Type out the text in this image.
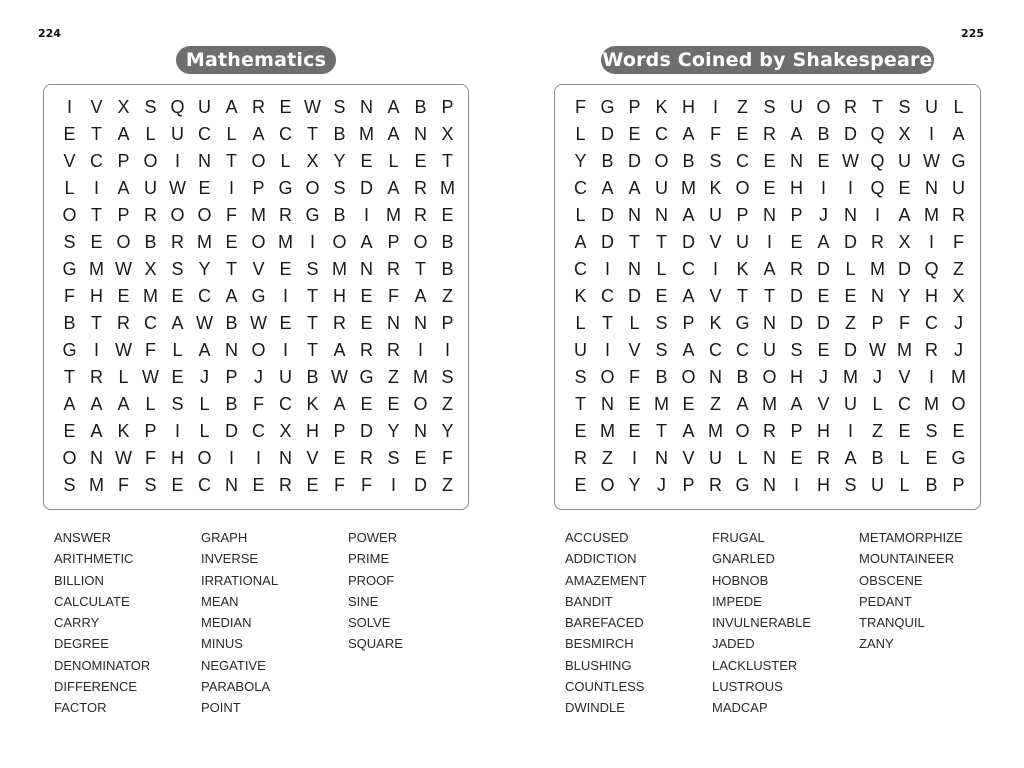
224
Mathematics
I	V X S Q U A R E W S N A B P
E T A L U C L A C T B M A N X
V C P O I	N T O L X Y E L E T
L	I	A U W E	I	P G O S D A R M
O T P R O O F M R G B	I M R E
S E O B R M E O M I O A P O B
G M W X S Y T V E S M N R T B
F H E M E C A G I	T H E F A Z
B T R C A W B W E T R E N N P
G I W F L A N O I	T A R R I	I
T R L W E J P J U B W G Z M S
A A A L S L B F C K A E E O Z
E A K P	I	L D C X H P D Y N Y
O N W F H O I	I	N V E R S E F
S M F S E C N E R E F F	I	D Z
ANSWER
ARITHMETIC
BILLION
CALCULATE
CARRY
DEGREE
DENOMINATOR
DIFFERENCE
FACTOR
GRAPH
INVERSE
IRRATIONAL
MEAN
MEDIAN
MINUS
NEGATIVE
PARABOLA
POINT
POWER
PRIME
PROOF
SINE
SOLVE
SQUARE
225
Words Coined by Shakespeare
F G P K H I	Z S U O R T S U L
L D E C A F E R A B D Q X	I	A
Y B D O B S C E N E W Q U W G
C A A U M K O E H I	I Q E N U
L D N N A U P N P J N I	A M R
A D T T D V U I	E A D R X	I	F
C I	N L C I	K A R D L M D Q Z
K C D E A V T T D E E N Y H X
L T L S P K G N D D Z P F C J
U I	V S A C C U S E D W M R J
S O F B O N B O H J M J V	I M
T N E M E Z A M A V U L C M O
E M E T A M O R P H I	Z E S E
R Z	I	N V U L N E R A B L E G
E O Y J P R G N I	H S U L B P
ACCUSED
ADDICTION
AMAZEMENT
BANDIT
BAREFACED
BESMIRCH
BLUSHING
COUNTLESS
DWINDLE
FRUGAL
GNARLED
HOBNOB
IMPEDE
INVULNERABLE
JADED
LACKLUSTER
LUSTROUS
MADCAP
METAMORPHIZE
MOUNTAINEER
OBSCENE
PEDANT
TRANQUIL
ZANY
